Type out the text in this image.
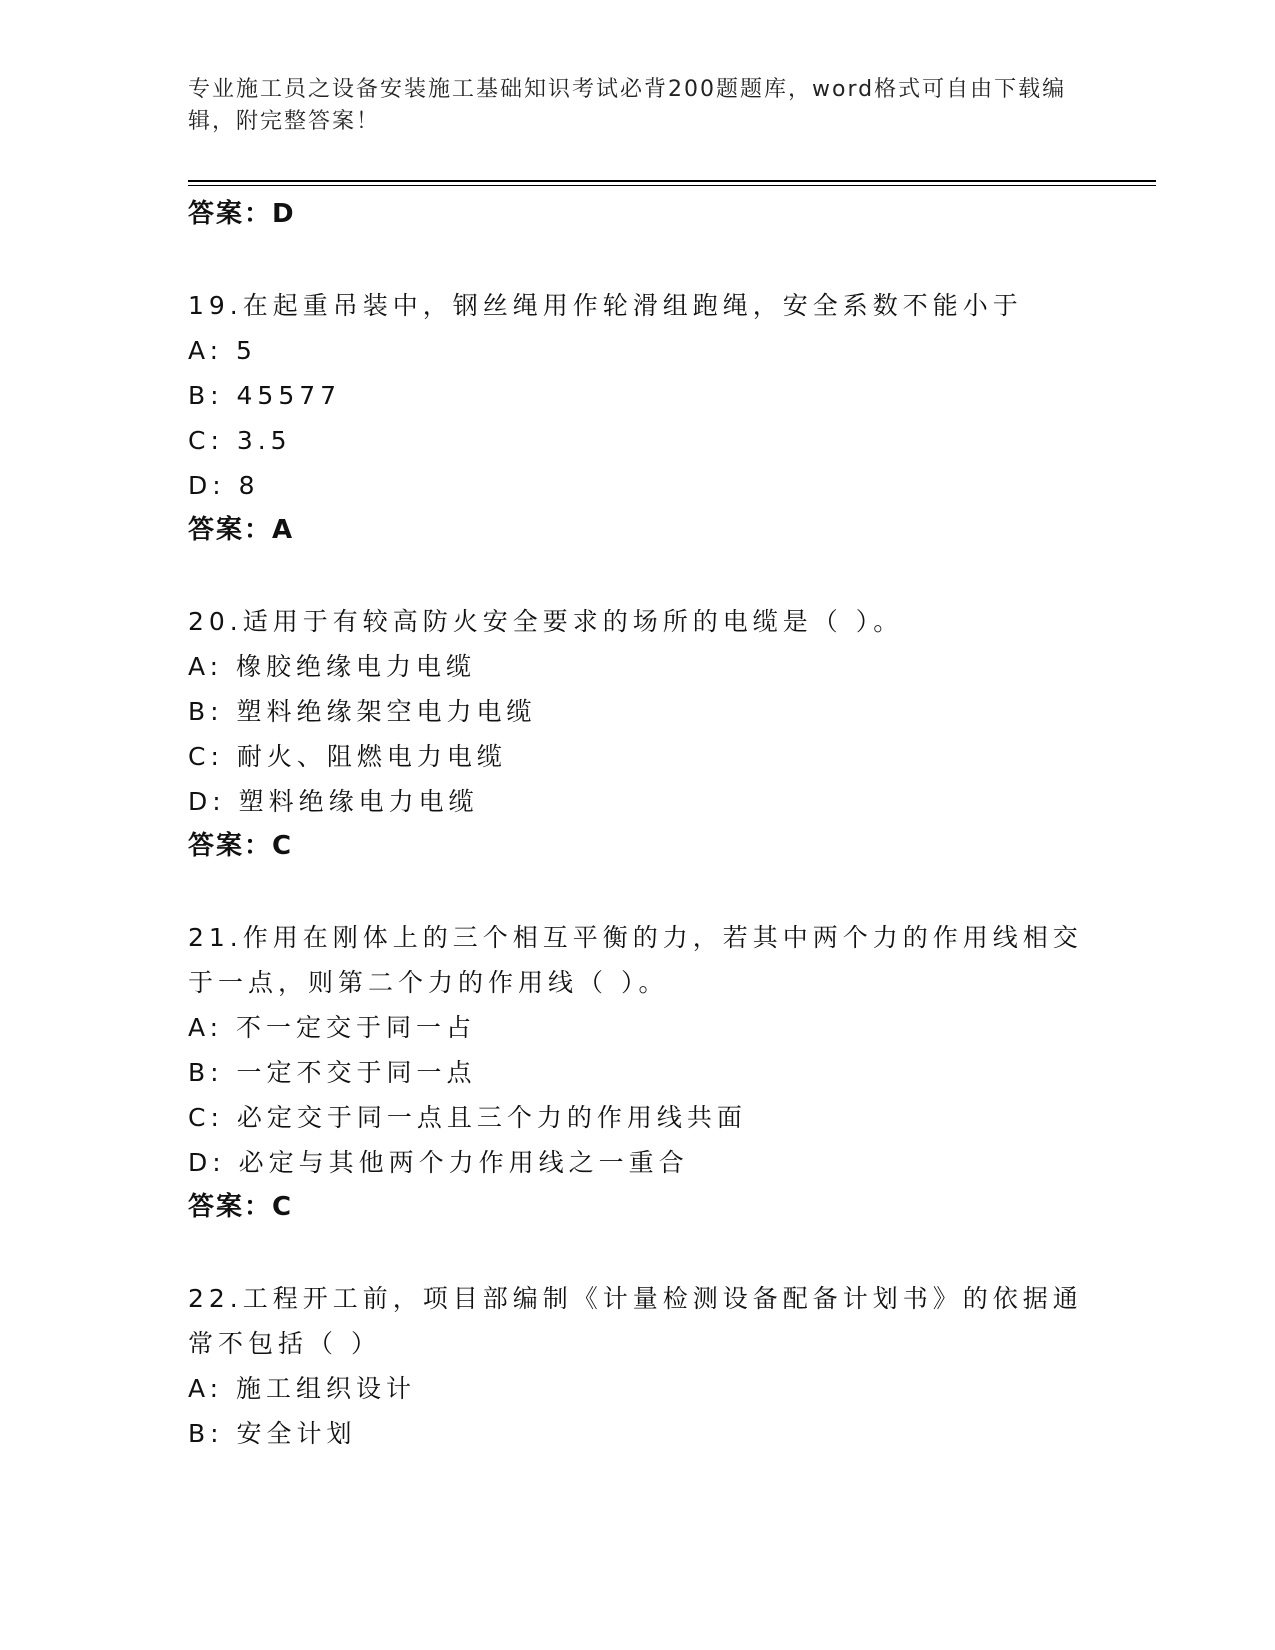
专业施工员之设备安装施工基础知识考试必背200题题库，word格式可自由下载编辑，附完整答案！

答案：D

19.在起重吊装中，钢丝绳用作轮滑组跑绳，安全系数不能小于

A: 5

B: 45577

C: 3.5

D: 8

答案：A

20.适用于有较高防火安全要求的场所的电缆是（ ）。

A: 橡胶绝缘电力电缆

B: 塑料绝缘架空电力电缆

C: 耐火、阻燃电力电缆

D: 塑料绝缘电力电缆

答案：C

21.作用在刚体上的三个相互平衡的力，若其中两个力的作用线相交于一点，则第二个力的作用线（ ）。

A: 不一定交于同一占

B: 一定不交于同一点

C: 必定交于同一点且三个力的作用线共面

D: 必定与其他两个力作用线之一重合

答案：C

22.工程开工前，项目部编制《计量检测设备配备计划书》的依据通常不包括（ ）

A: 施工组织设计

B: 安全计划
